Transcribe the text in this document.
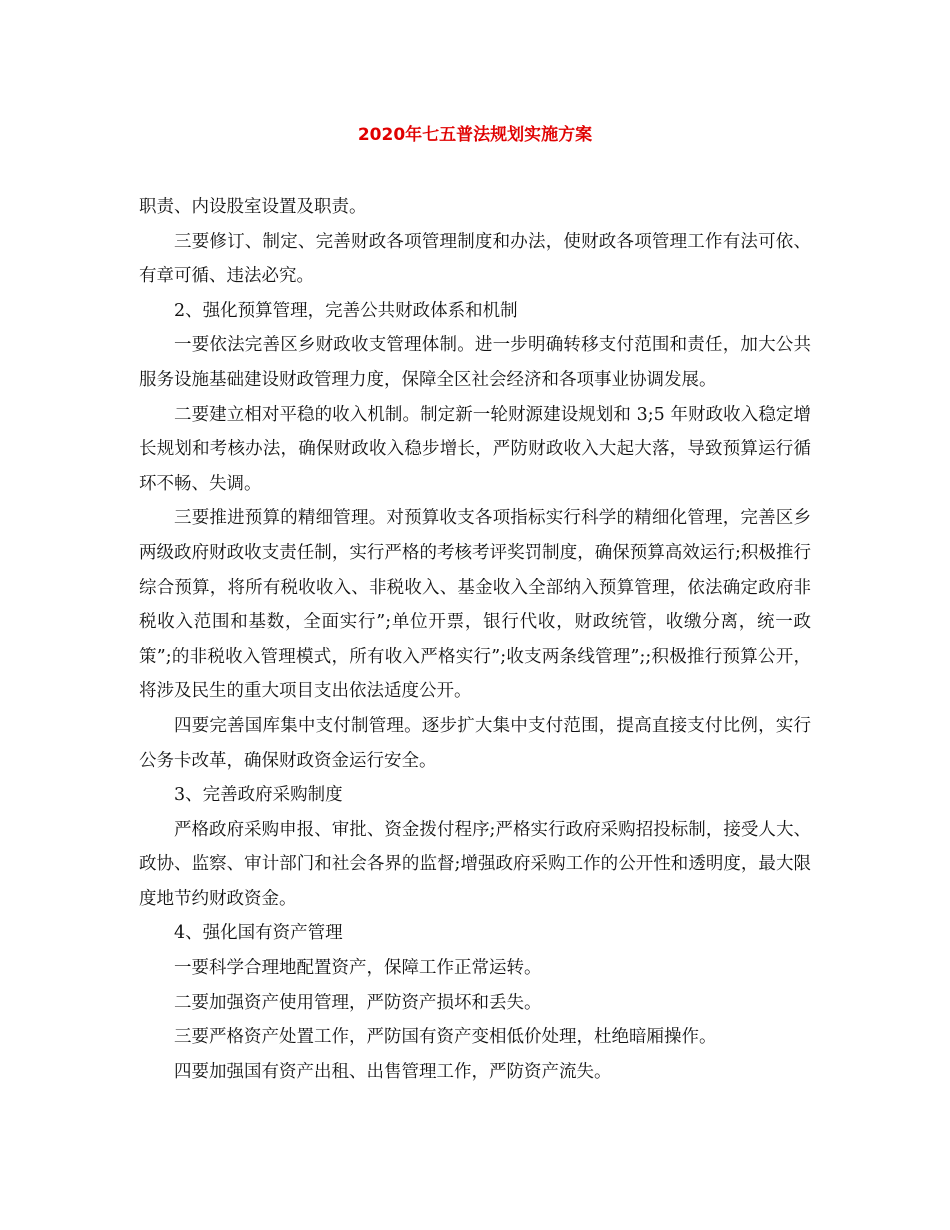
2020年七五普法规划实施方案

职责、内设股室设置及职责。

三要修订、制定、完善财政各项管理制度和办法，使财政各项管理工作有法可依、有章可循、违法必究。

2、强化预算管理，完善公共财政体系和机制

一要依法完善区乡财政收支管理体制。进一步明确转移支付范围和责任，加大公共服务设施基础建设财政管理力度，保障全区社会经济和各项事业协调发展。

二要建立相对平稳的收入机制。制定新一轮财源建设规划和 3;5 年财政收入稳定增长规划和考核办法，确保财政收入稳步增长，严防财政收入大起大落，导致预算运行循环不畅、失调。

三要推进预算的精细管理。对预算收支各项指标实行科学的精细化管理，完善区乡两级政府财政收支责任制，实行严格的考核考评奖罚制度，确保预算高效运行;积极推行综合预算，将所有税收收入、非税收入、基金收入全部纳入预算管理，依法确定政府非税收入范围和基数，全面实行”;单位开票，银行代收，财政统管，收缴分离，统一政策”;的非税收入管理模式，所有收入严格实行”;收支两条线管理”;;积极推行预算公开，将涉及民生的重大项目支出依法适度公开。

四要完善国库集中支付制管理。逐步扩大集中支付范围，提高直接支付比例，实行公务卡改革，确保财政资金运行安全。

3、完善政府采购制度

严格政府采购申报、审批、资金拨付程序;严格实行政府采购招投标制，接受人大、政协、监察、审计部门和社会各界的监督;增强政府采购工作的公开性和透明度，最大限度地节约财政资金。

4、强化国有资产管理

一要科学合理地配置资产，保障工作正常运转。

二要加强资产使用管理，严防资产损坏和丢失。

三要严格资产处置工作，严防国有资产变相低价处理，杜绝暗厢操作。

四要加强国有资产出租、出售管理工作，严防资产流失。
